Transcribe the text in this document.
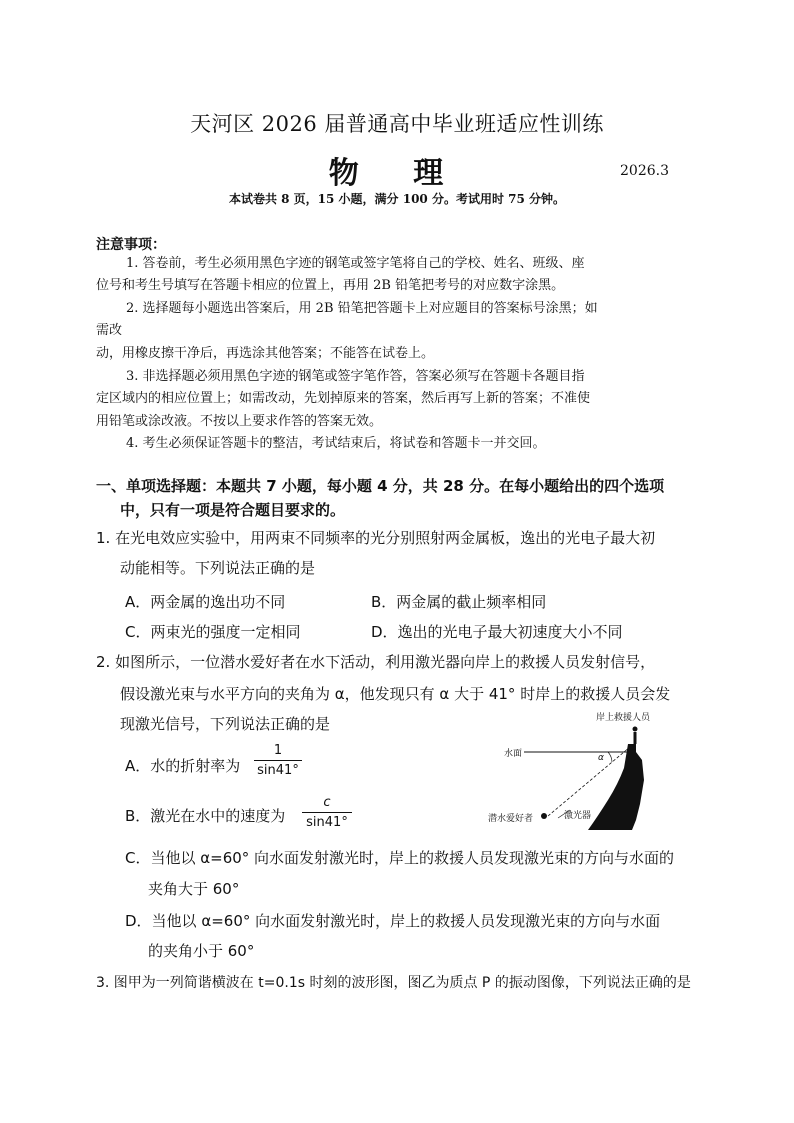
天河区 2026 届普通高中毕业班适应性训练
物 理	2026.3
本试卷共 8 页，15 小题，满分 100 分。考试用时 75 分钟。
注意事项：
1. 答卷前，考生必须用黑色字迹的钢笔或签字笔将自己的学校、姓名、班级、座
位号和考生号填写在答题卡相应的位置上，再用 2B 铅笔把考号的对应数字涂黑。
2. 选择题每小题选出答案后，用 2B 铅笔把答题卡上对应题目的答案标号涂黑；如
需改
动，用橡皮擦干净后，再选涂其他答案；不能答在试卷上。
3. 非选择题必须用黑色字迹的钢笔或签字笔作答，答案必须写在答题卡各题目指
定区域内的相应位置上；如需改动，先划掉原来的答案，然后再写上新的答案；不准使
用铅笔或涂改液。不按以上要求作答的答案无效。
4. 考生必须保证答题卡的整洁，考试结束后，将试卷和答题卡一并交回。
一、单项选择题：本题共 7 小题，每小题 4 分，共 28 分。在每小题给出的四个选项
中，只有一项是符合题目要求的。
1. 在光电效应实验中，用两束不同频率的光分别照射两金属板，逸出的光电子最大初
动能相等。下列说法正确的是
A．两金属的逸出功不同	B．两金属的截止频率相同
C．两束光的强度一定相同	D．逸出的光电子最大初速度大小不同
2. 如图所示，一位潜水爱好者在水下活动，利用激光器向岸上的救援人员发射信号，
假设激光束与水平方向的夹角为 α，他发现只有 α 大于 41° 时岸上的救援人员会发
现激光信号，下列说法正确的是
A．水的折射率为
1
sin41°
B．激光在水中的速度为
c
sin41°
C．当他以 α=60° 向水面发射激光时，岸上的救援人员发现激光束的方向与水面的
夹角大于 60°
D．当他以 α=60° 向水面发射激光时，岸上的救援人员发现激光束的方向与水面
的夹角小于 60°
岸上救援人员
水面	α
潜水爱好者	激光器
3. 图甲为一列简谐横波在 t=0.1s 时刻的波形图，图乙为质点 P 的振动图像，下列说法正确的是
